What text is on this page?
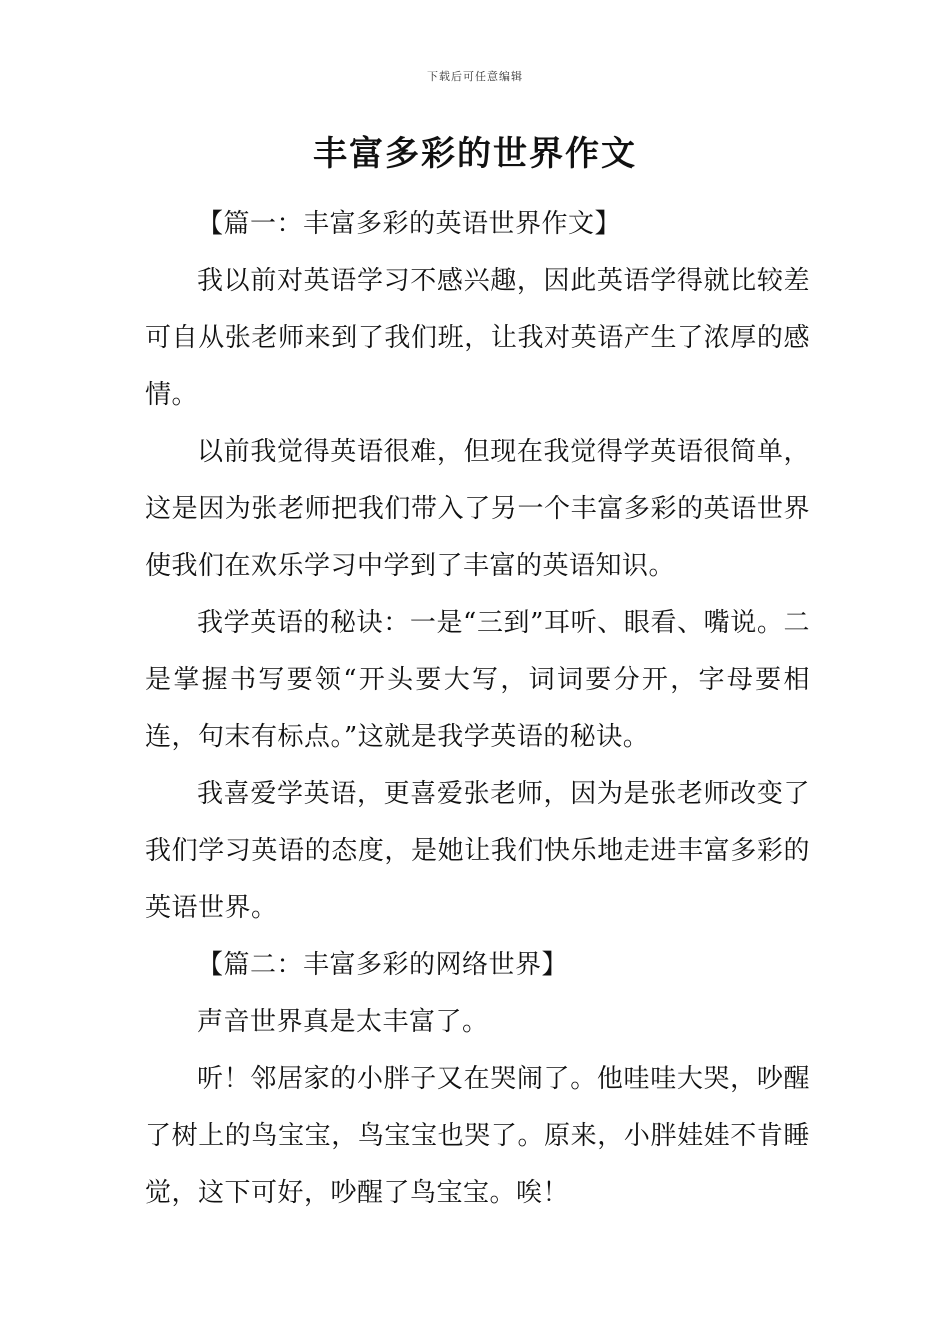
下载后可任意编辑
丰富多彩的世界作文

【篇一：丰富多彩的英语世界作文】

我以前对英语学习不感兴趣，因此英语学得就比较差可自从张老师来到了我们班，让我对英语产生了浓厚的感情。

以前我觉得英语很难，但现在我觉得学英语很简单，这是因为张老师把我们带入了另一个丰富多彩的英语世界使我们在欢乐学习中学到了丰富的英语知识。

我学英语的秘诀：一是“三到”耳听、眼看、嘴说。二是掌握书写要领“开头要大写，词词要分开，字母要相连，句末有标点。”这就是我学英语的秘诀。

我喜爱学英语，更喜爱张老师，因为是张老师改变了我们学习英语的态度，是她让我们快乐地走进丰富多彩的英语世界。

【篇二：丰富多彩的网络世界】

声音世界真是太丰富了。

听！邻居家的小胖子又在哭闹了。他哇哇大哭，吵醒了树上的鸟宝宝，鸟宝宝也哭了。原来，小胖娃娃不肯睡觉，这下可好，吵醒了鸟宝宝。唉！
